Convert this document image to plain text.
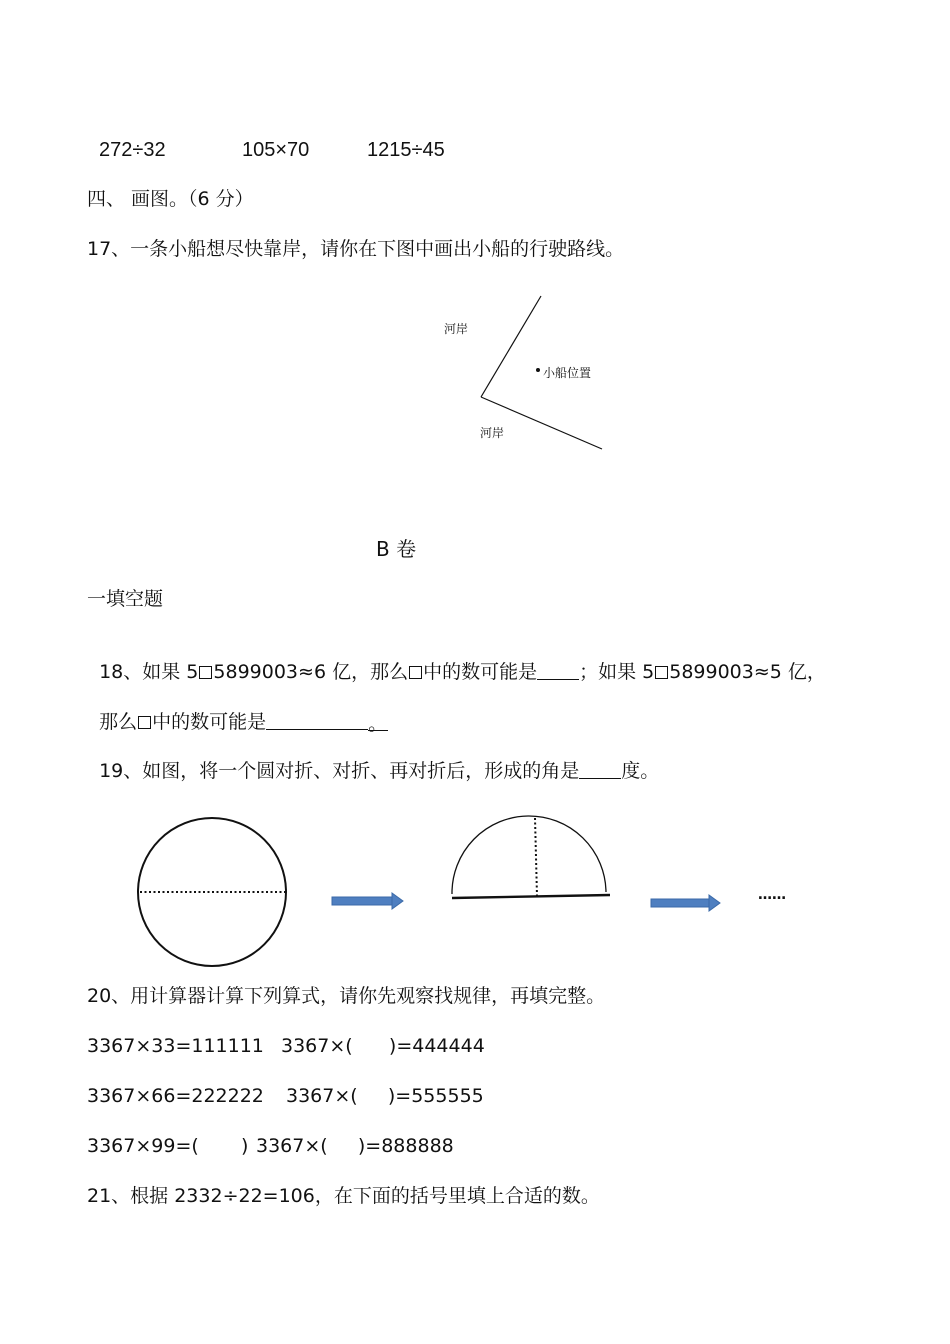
272÷32	105×70	1215÷45
四、 画图。（6 分）
17、一条小船想尽快靠岸，请你在下图中画出小船的行驶路线。
河岸
小船位置
河岸
B 卷
一填空题

18、如果 5 5899003≈6 亿，那么 中的数可能是 ；如果 5 5899003≈5 亿，

那么 中的数可能是	。

19、如图，将一个圆对折、对折、再对折后，形成的角是 度。

……
20、用计算器计算下列算式，请你先观察找规律，再填完整。
3367×33=111111 3367×(      )=444444
3367×66=222222 3367×(     )=555555
3367×99=(       ) 3367×(     )=888888
21、根据 2332÷22=106，在下面的括号里填上合适的数。
